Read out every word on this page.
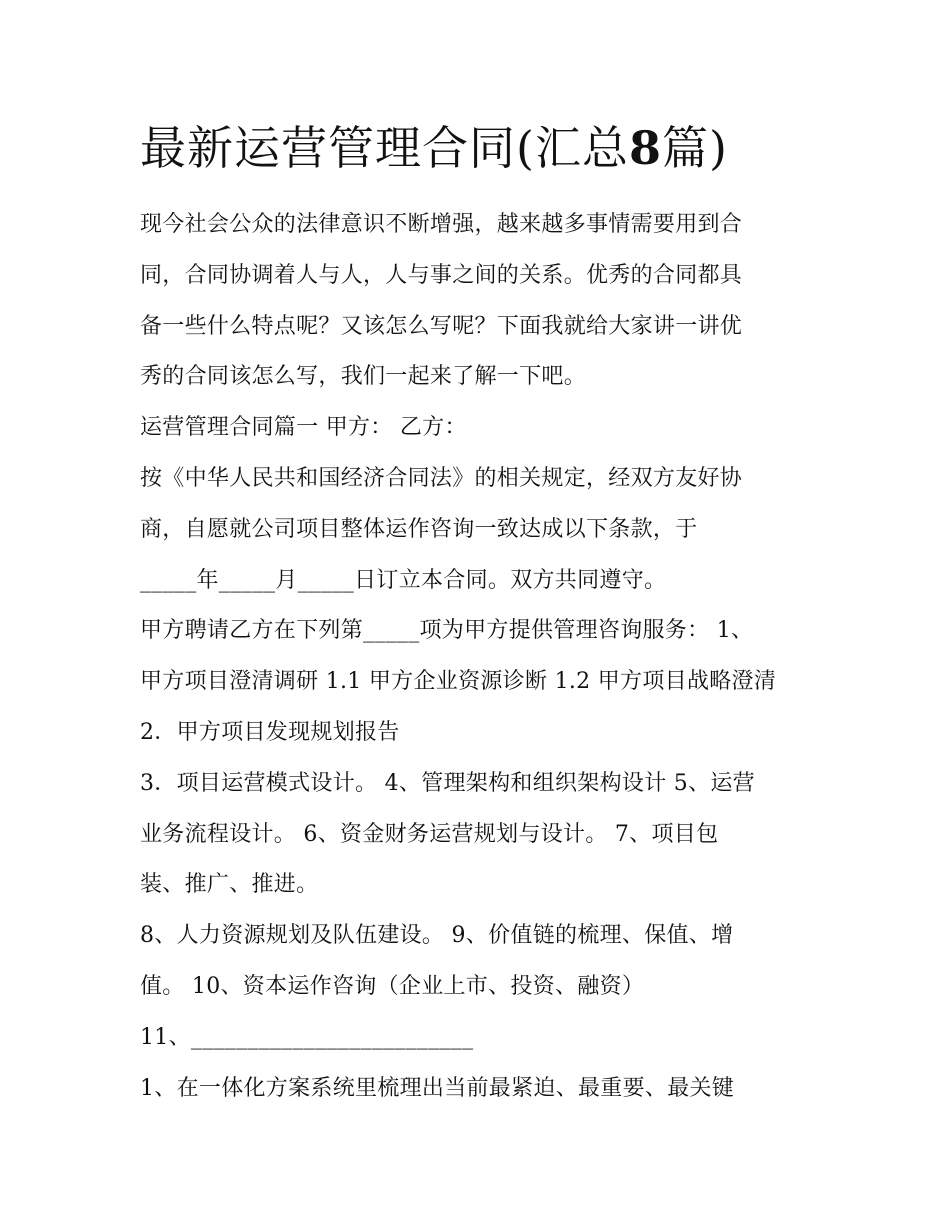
最新运营管理合同(汇总8篇)
现今社会公众的法律意识不断增强，越来越多事情需要用到合
同，合同协调着人与人，人与事之间的关系。优秀的合同都具
备一些什么特点呢？又该怎么写呢？下面我就给大家讲一讲优
秀的合同该怎么写，我们一起来了解一下吧。
运营管理合同篇一 甲方： 乙方：
按《中华人民共和国经济合同法》的相关规定，经双方友好协
商，自愿就公司项目整体运作咨询一致达成以下条款，于
_____年_____月_____日订立本合同。双方共同遵守。
甲方聘请乙方在下列第_____项为甲方提供管理咨询服务： 1、
甲方项目澄清调研 1.1 甲方企业资源诊断 1.2 甲方项目战略澄清
2．甲方项目发现规划报告
3．项目运营模式设计。 4、管理架构和组织架构设计 5、运营
业务流程设计。 6、资金财务运营规划与设计。 7、项目包
装、推广、推进。
8、人力资源规划及队伍建设。 9、价值链的梳理、保值、增
值。 10、资本运作咨询（企业上市、投资、融资）
11、_________________________
1、在一体化方案系统里梳理出当前最紧迫、最重要、最关键
